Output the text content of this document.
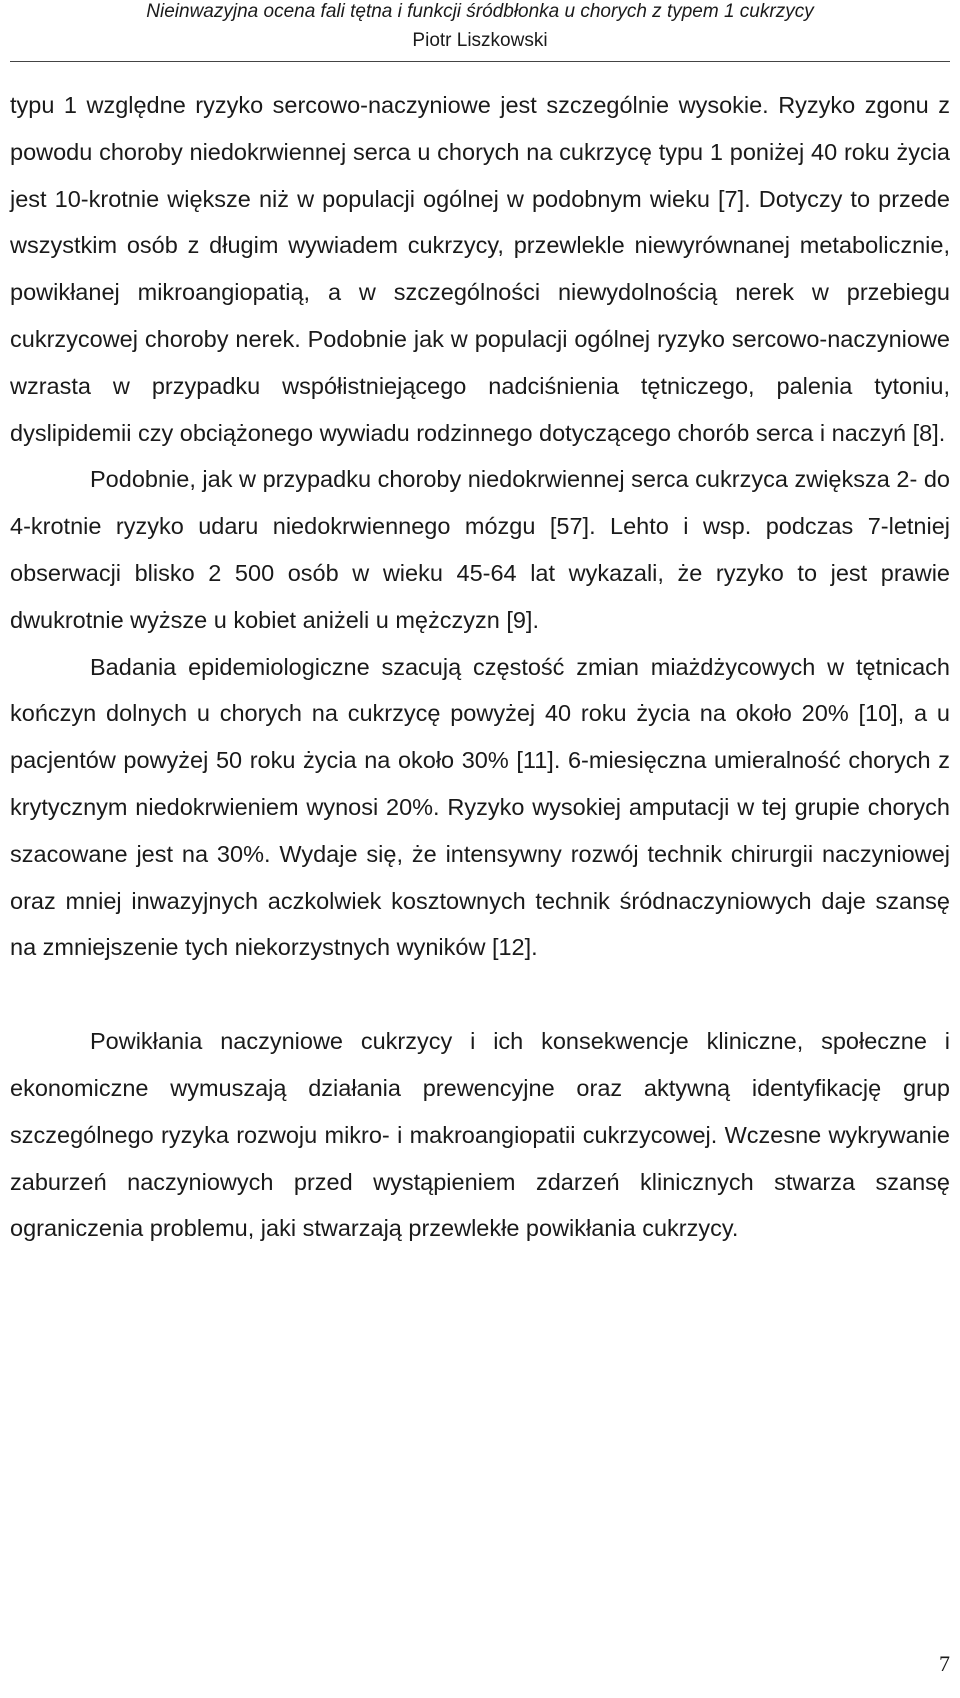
Nieinwazyjna ocena fali tętna i funkcji śródbłonka u chorych z typem 1 cukrzycy
Piotr Liszkowski

typu 1 względne ryzyko sercowo-naczyniowe jest szczególnie wysokie. Ryzyko zgonu z powodu choroby niedokrwiennej serca u chorych na cukrzycę typu 1 poniżej 40 roku życia jest 10-krotnie większe niż w populacji ogólnej w podobnym wieku [7]. Dotyczy to przede wszystkim osób z długim wywiadem cukrzycy, przewlekle niewyrównanej metabolicznie, powikłanej mikroangiopatią, a w szczególności niewydolnością nerek w przebiegu cukrzycowej choroby nerek. Podobnie jak w populacji ogólnej ryzyko sercowo-naczyniowe wzrasta w przypadku współistniejącego nadciśnienia tętniczego, palenia tytoniu, dyslipidemii czy obciążonego wywiadu rodzinnego dotyczącego chorób serca i naczyń [8].

Podobnie, jak w przypadku choroby niedokrwiennej serca cukrzyca zwiększa 2- do 4-krotnie ryzyko udaru niedokrwiennego mózgu [57]. Lehto i wsp. podczas 7-letniej obserwacji blisko 2 500 osób w wieku 45-64 lat wykazali, że ryzyko to jest prawie dwukrotnie wyższe u kobiet aniżeli u mężczyzn [9].

Badania epidemiologiczne szacują częstość zmian miażdżycowych w tętnicach kończyn dolnych u chorych na cukrzycę powyżej 40 roku życia na około 20% [10], a u pacjentów powyżej 50 roku życia na około 30% [11]. 6-miesięczna umieralność chorych z krytycznym niedokrwieniem wynosi 20%. Ryzyko wysokiej amputacji w tej grupie chorych szacowane jest na 30%. Wydaje się, że intensywny rozwój technik chirurgii naczyniowej oraz mniej inwazyjnych aczkolwiek kosztownych technik śródnaczyniowych daje szansę na zmniejszenie tych niekorzystnych wyników [12].

Powikłania naczyniowe cukrzycy i ich konsekwencje kliniczne, społeczne i ekonomiczne wymuszają działania prewencyjne oraz aktywną identyfikację grup szczególnego ryzyka rozwoju mikro- i makroangiopatii cukrzycowej. Wczesne wykrywanie zaburzeń naczyniowych przed wystąpieniem zdarzeń klinicznych stwarza szansę ograniczenia problemu, jaki stwarzają przewlekłe powikłania cukrzycy.

7
